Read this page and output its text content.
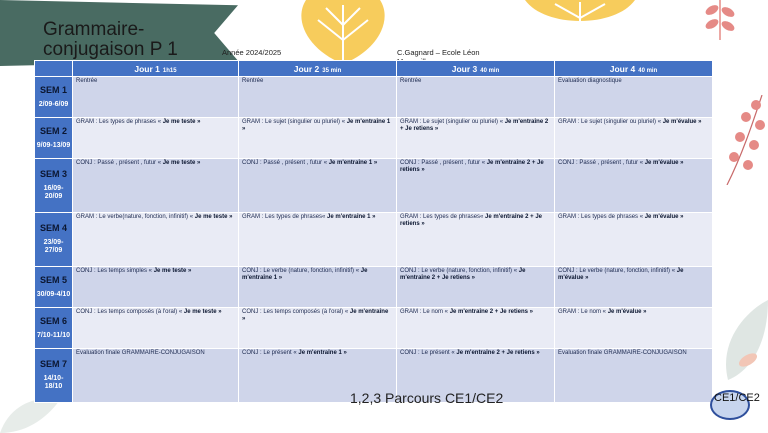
Grammaire-conjugaison P 1	Année 2024/2025	C.Gagnard – Ecole Léon
	Jour 1 1h15	Jour 2 35 min	Jour 3 40 min	Jour 4 40 min

SEM 1
2/09-6/09	Rentrée	Rentrée	Rentrée	Evaluation diagnostique

SEM 2
9/09-13/09	GRAM : Les types de phrases « Je me teste »	GRAM : Le sujet (singulier ou pluriel) « Je m'entraîne 1 »	GRAM : Le sujet (singulier ou pluriel) « Je m'entraîne 2 + Je retiens »	GRAM : Le sujet (singulier ou pluriel) « Je m'évalue »

SEM 3
16/09-20/09	CONJ : Passé , présent , futur « Je me teste »	CONJ : Passé , présent , futur « Je m'entraîne 1 »	CONJ : Passé , présent , futur « Je m'entraîne 2 + Je retiens »	CONJ : Passé , présent , futur « Je m'évalue »

SEM 4
23/09-27/09	GRAM : Le verbe(nature, fonction, infinitif) « Je me teste »	GRAM : Les types de phrases« Je m'entraîne 1 »	GRAM : Les types de phrases« Je m'entraîne 2 + Je retiens »	GRAM : Les types de phrases « Je m'évalue »

SEM 5
30/09-4/10	CONJ : Les temps simples « Je me teste »	CONJ : Le verbe (nature, fonction, infinitif) « Je m'entraîne 1 »	CONJ : Le verbe (nature, fonction, infinitif) « Je m'entraîne 2 + Je retiens »	CONJ : Le verbe (nature, fonction, infinitif) « Je m'évalue »

SEM 6
7/10-11/10	CONJ : Les temps composés (à l'oral) « Je me teste »	CONJ : Les temps composés (à l'oral) « Je m'entraîne »	GRAM : Le nom « Je m'entraîne 2 + Je retiens »	GRAM : Le nom « Je m'évalue »

SEM 7
14/10-18/10	Evaluation finale GRAMMAIRE-CONJUGAISON	CONJ : Le présent « Je m'entraîne 1 »	CONJ : Le présent « Je m'entraîne 2 + Je retiens »	Evaluation finale GRAMMAIRE-CONJUGAISON
1,2,3 Parcours CE1/CE2	CE1/CE2
